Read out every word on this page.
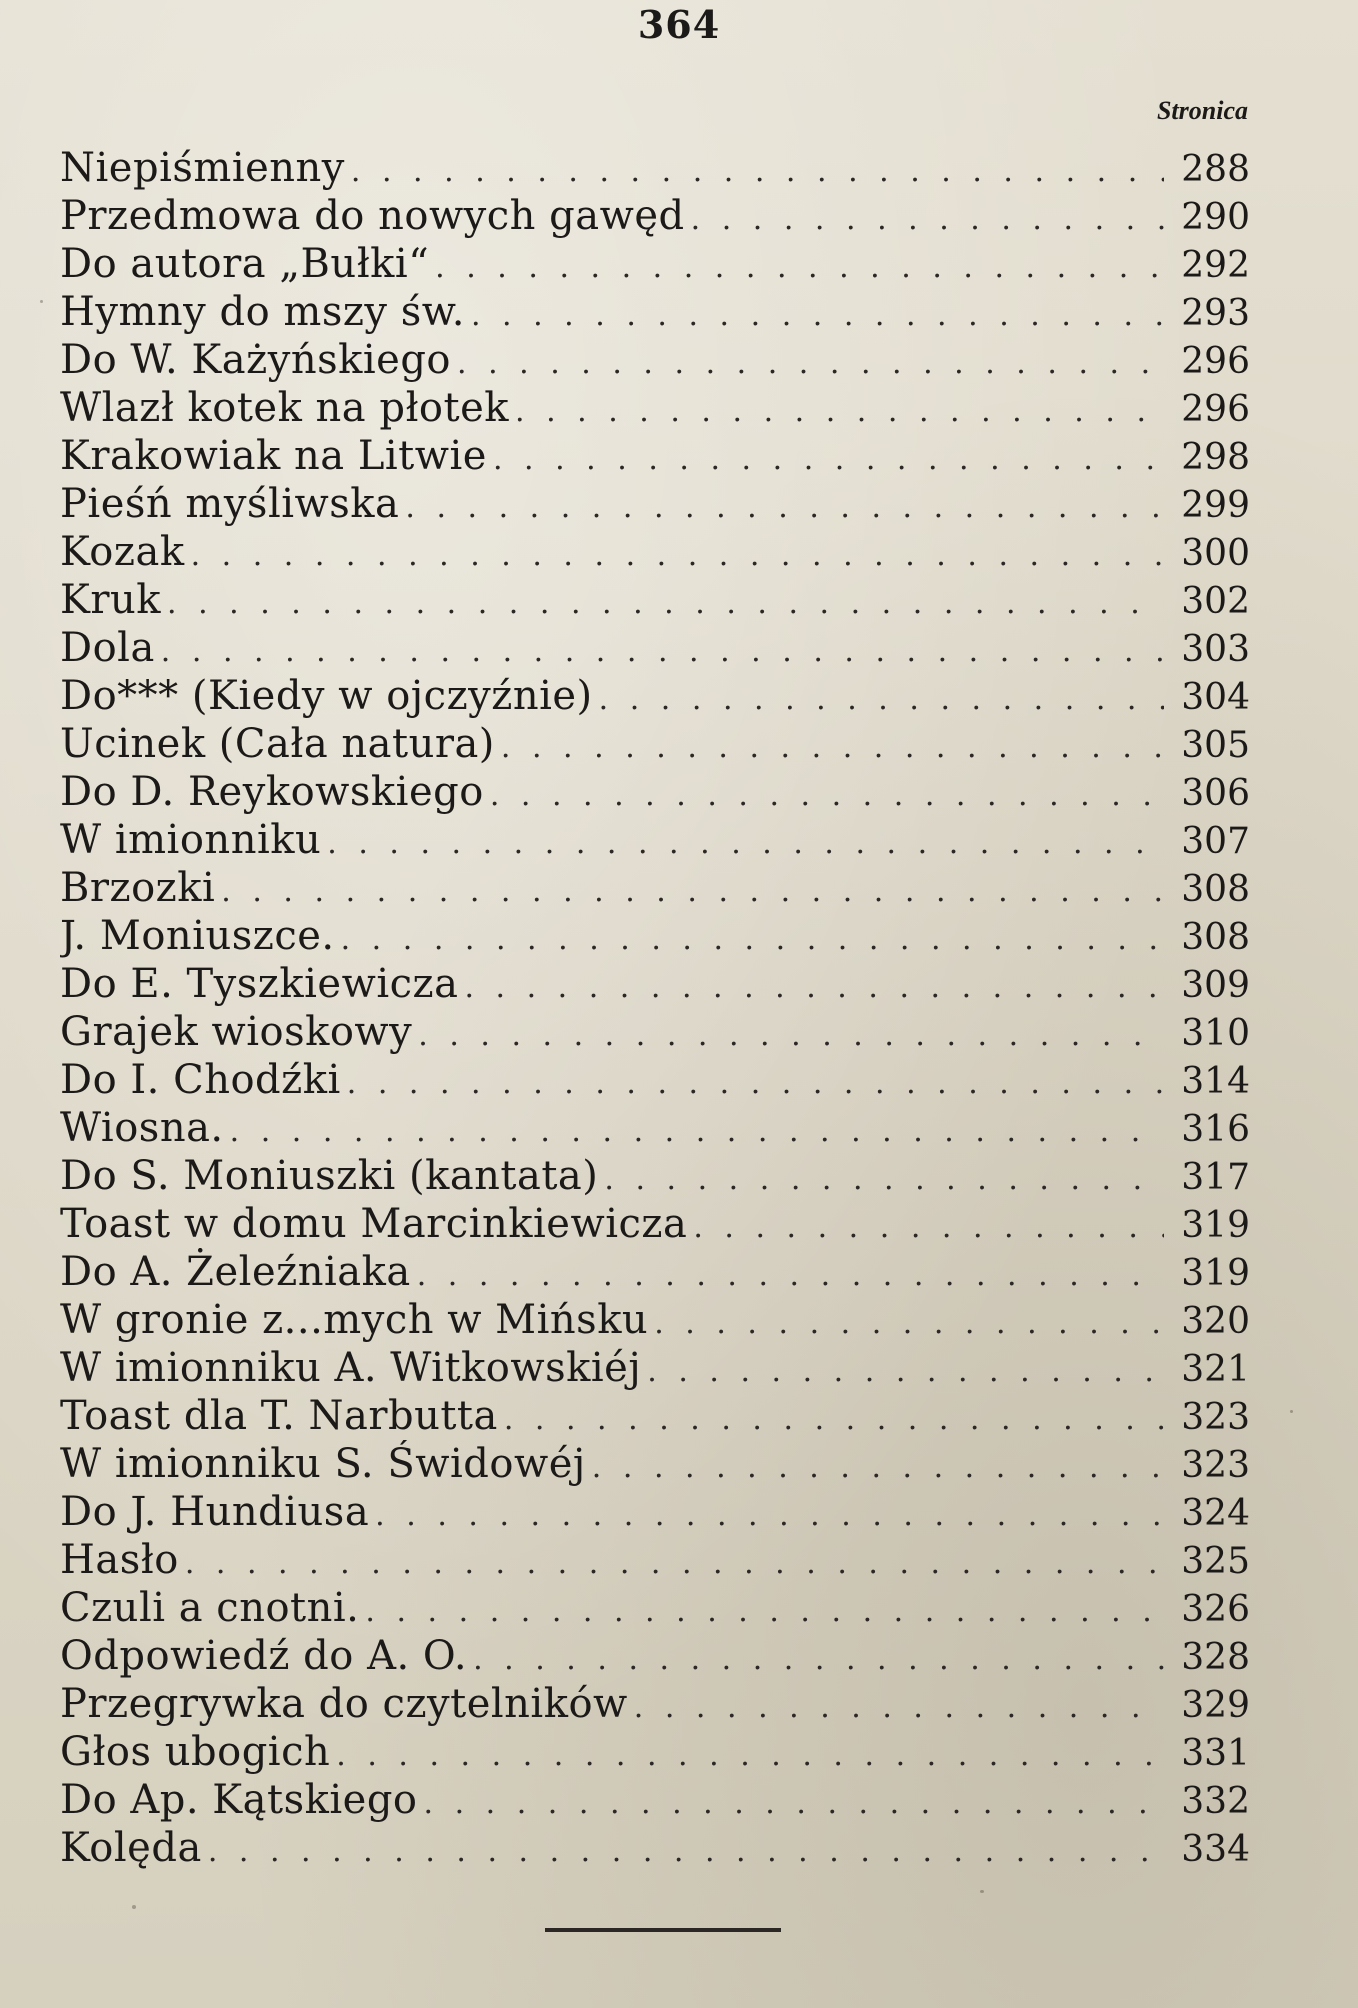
364
Stronica
Niepiśmienny . . .	288
Przedmowa do nowych gawęd . . .	290
Do autora „Bułki“ . . .	292
Hymny do mszy św. . . .	293
Do W. Każyńskiego . . .	296
Wlazł kotek na płotek . . .	296
Krakowiak na Litwie . . .	298
Pieśń myśliwska . . .	299
Kozak . . .	300
Kruk . . .	302
Dola . . .	303
Do*** (Kiedy w ojczyźnie) . . .	304
Ucinek (Cała natura) . . .	305
Do D. Reykowskiego . . .	306
W imionniku . . .	307
Brzozki . . .	308
J. Moniuszce. . . .	308
Do E. Tyszkiewicza . . .	309
Grajek wioskowy . . .	310
Do I. Chodźki . . .	314
Wiosna. . . .	316
Do S. Moniuszki (kantata) . . .	317
Toast w domu Marcinkiewicza . . .	319
Do A. Żeleźniaka . . .	319
W gronie z...mych w Mińsku . . .	320
W imionniku A. Witkowskiéj . . .	321
Toast dla T. Narbutta . . .	323
W imionniku S. Świdowéj . . .	323
Do J. Hundiusa . . .	324
Hasło . . .	325
Czuli a cnotni. . . .	326
Odpowiedź do A. O. . . .	328
Przegrywka do czytelników . . .	329
Głos ubogich . . .	331
Do Ap. Kątskiego . . .	332
Kolęda . . .	334
